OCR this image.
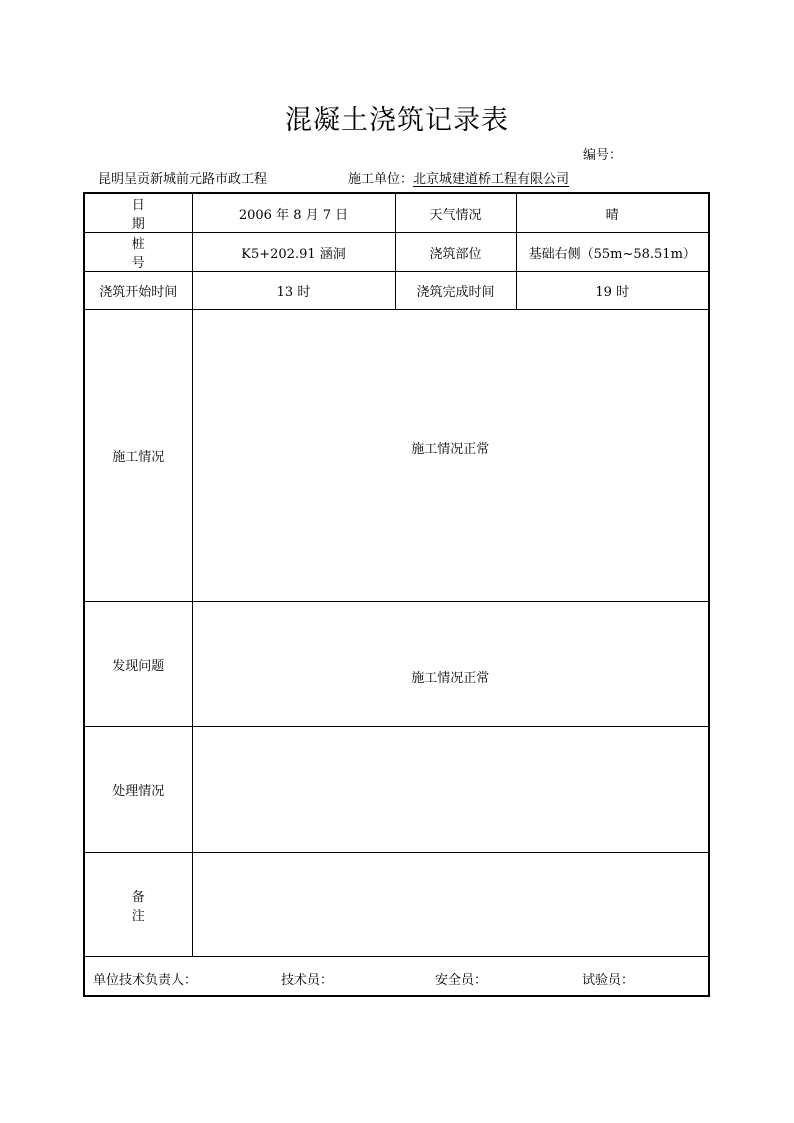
混凝土浇筑记录表
编号：
昆明呈贡新城前元路市政工程	施工单位：北京城建道桥工程有限公司
日期	2006 年 8 月 7 日	天气情况	晴
桩号	K5+202.91 涵洞	浇筑部位	基础右侧（55m~58.51m）
浇筑开始时间	13 时	浇筑完成时间	19 时
施工情况	施工情况正常		

发现问题	施工情况正常		

处理情况			
备注			

单位技术负责人： 技术员： 安全员： 试验员：			
